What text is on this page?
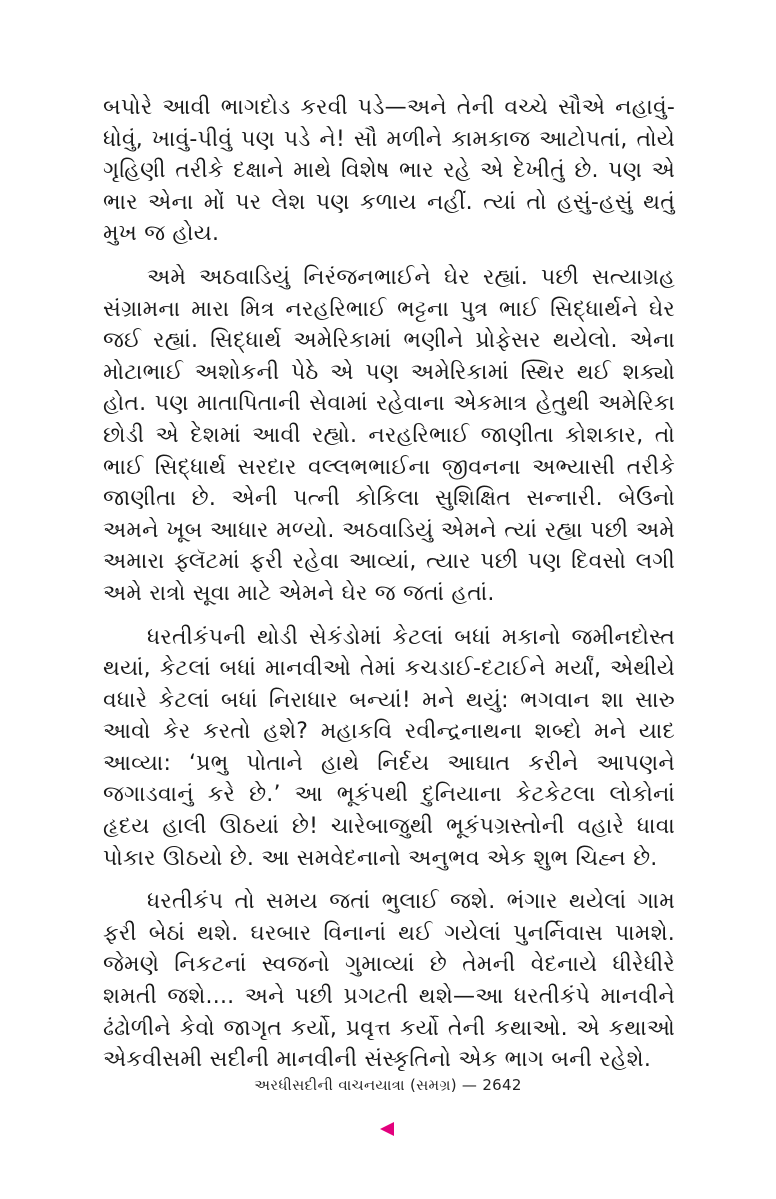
બપોરે આવી ભાગદોડ કરવી પડે—અને તેની વચ્ચે સૌએ નહાવું-ધોવું, ખાવું-પીવું પણ પડે ને! સૌ મળીને કામકાજ આટોપતાં, તોયે ગૃહિણી તરીકે દક્ષાને માથે વિશેષ ભાર રહે એ દેખીતું છે. પણ એ ભાર એના મોં પર લેશ પણ કળાય નહીં. ત્યાં તો હસું-હસું થતું મુખ જ હોય.

અમે અઠવાડિયું નિરંજનભાઈને ઘેર રહ્યાં. પછી સત્યાગ્રહ સંગ્રામના મારા મિત્ર નરહરિભાઈ ભટ્ટના પુત્ર ભાઈ સિદ્ધાર્થને ઘેર જઈ રહ્યાં. સિદ્ધાર્થ અમેરિકામાં ભણીને પ્રોફેસર થયેલો. એના મોટાભાઈ અશોકની પેઠે એ પણ અમેરિકામાં સ્થિર થઈ શક્યો હોત. પણ માતાપિતાની સેવામાં રહેવાના એકમાત્ર હેતુથી અમેરિકા છોડી એ દેશમાં આવી રહ્યો. નરહરિભાઈ જાણીતા કોશકાર, તો ભાઈ સિદ્ધાર્થ સરદાર વલ્લભભાઈના જીવનના અભ્યાસી તરીકે જાણીતા છે. એની પત્ની કોકિલા સુશિક્ષિત સન્નારી. બેઉનો અમને ખૂબ આધાર મળ્યો. અઠવાડિયું એમને ત્યાં રહ્યા પછી અમે અમારા ફ્લૅટમાં ફરી રહેવા આવ્યાં, ત્યાર પછી પણ દિવસો લગી અમે રાત્રો સૂવા માટે એમને ઘેર જ જતાં હતાં.

ધરતીકંપની થોડી સેકંડોમાં કેટલાં બધાં મકાનો જમીનદોસ્ત થયાં, કેટલાં બધાં માનવીઓ તેમાં કચડાઈ-દટાઈને મર્યાં, એથીયે વધારે કેટલાં બધાં નિરાધાર બન્યાં! મને થયું: ભગવાન શા સારુ આવો કેર કરતો હશે? મહાકવિ રવીન્દ્રનાથના શબ્દો મને યાદ આવ્યા: ‘પ્રભુ પોતાને હાથે નિર્દય આઘાત કરીને આપણને જગાડવાનું કરે છે.’ આ ભૂકંપથી દુનિયાના કેટકેટલા લોકોનાં હૃદય હાલી ઊઠયાં છે! ચારેબાજુથી ભૂકંપગ્રસ્તોની વહારે ધાવા પોકાર ઊઠયો છે. આ સમવેદનાનો અનુભવ એક શુભ ચિહ્ન છે.

ધરતીકંપ તો સમય જતાં ભુલાઈ જશે. ભંગાર થયેલાં ગામ ફરી બેઠાં થશે. ઘરબાર વિનાનાં થઈ ગયેલાં પુનર્નિવાસ પામશે. જેમણે નિકટનાં સ્વજનો ગુમાવ્યાં છે તેમની વેદનાયે ધીરેધીરે શમતી જશે.... અને પછી પ્રગટતી થશે—આ ધરતીકંપે માનવીને ઢંઢોળીને કેવો જાગૃત કર્યો, પ્રવૃત્ત કર્યો તેની કથાઓ. એ કથાઓ એકવીસમી સદીની માનવીની સંસ્કૃતિનો એક ભાગ બની રહેશે.

અરધીસદીની વાચનયાત્રા (સમગ્ર) — 2642
